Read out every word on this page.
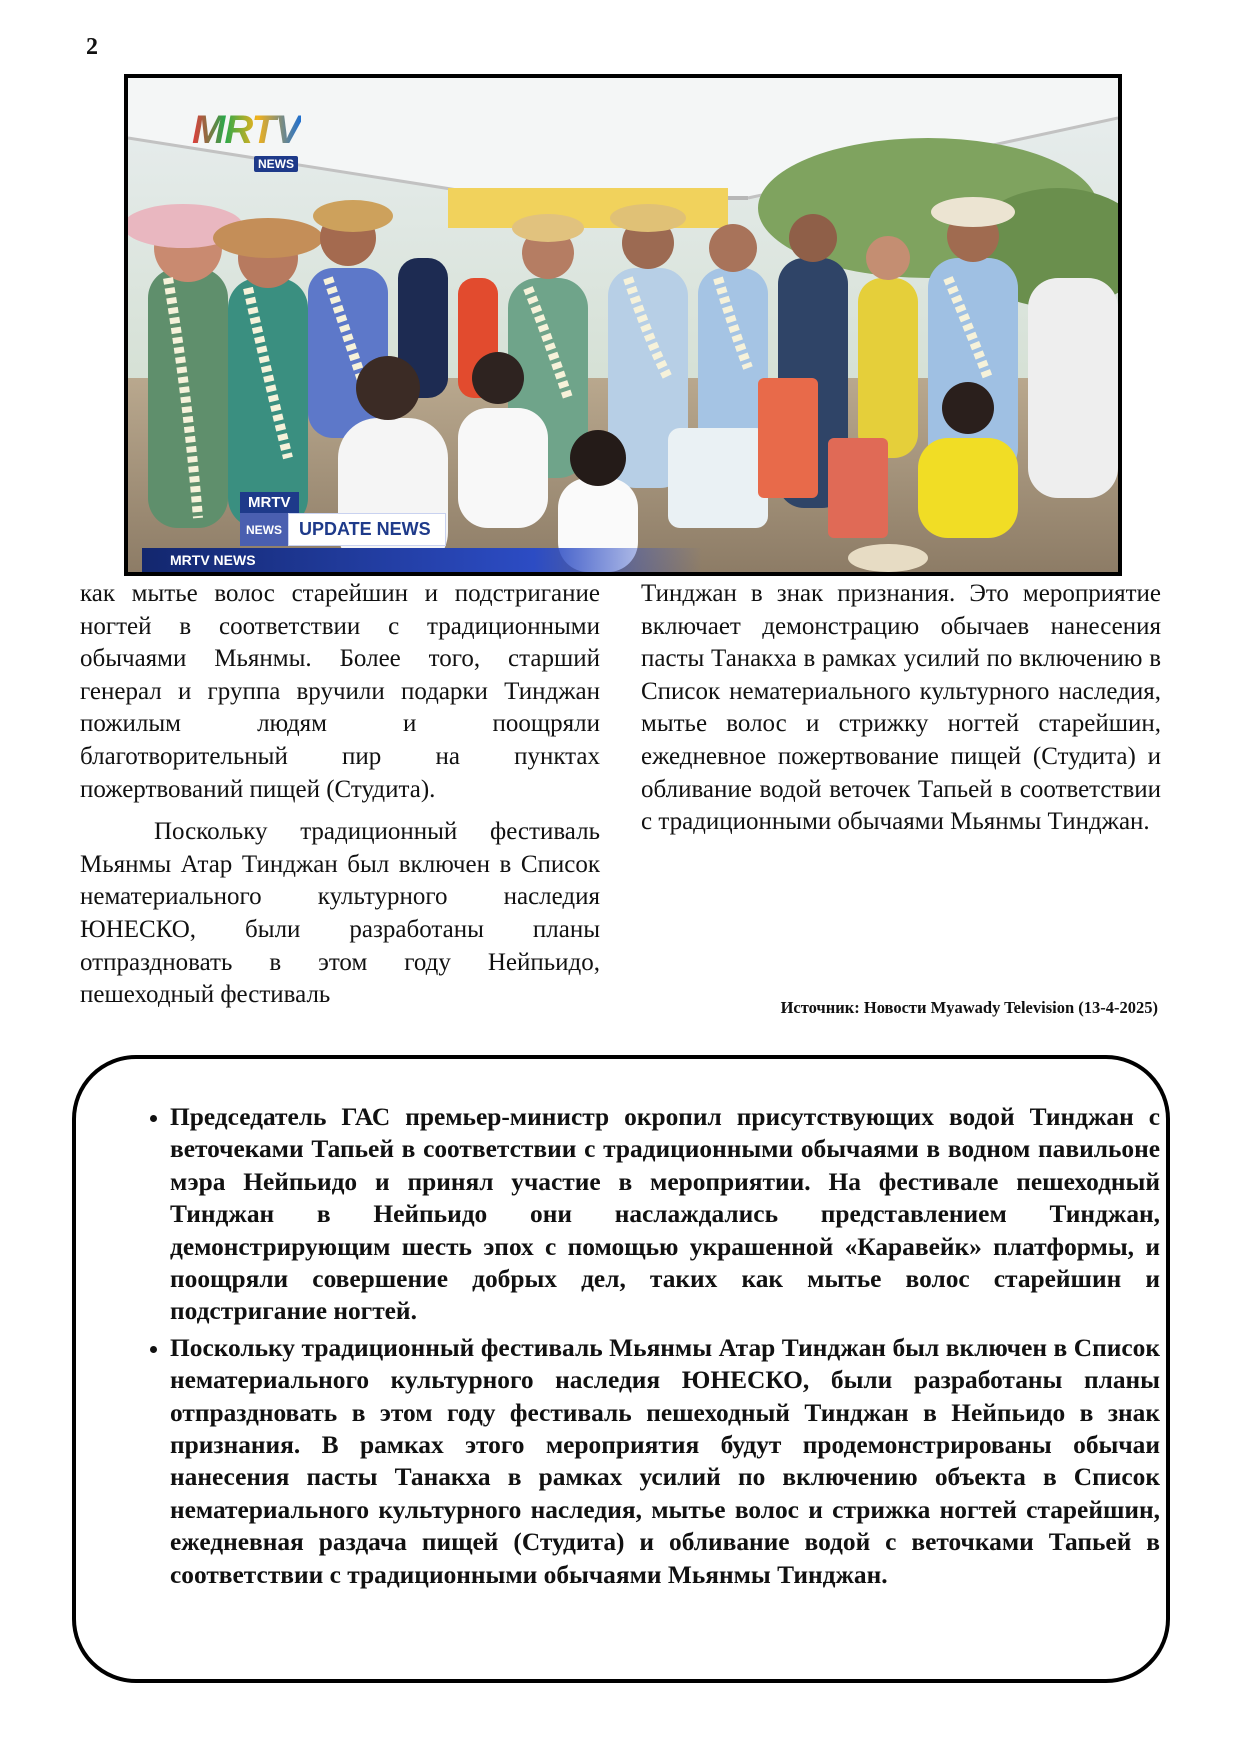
2
MRTV
NEWS
MRTV
NEWS UPDATE NEWS
MRTV NEWS

как мытье волос старейшин и подстригание ногтей в соответствии с традиционными обычаями Мьянмы. Более того, старший генерал и группа вручили подарки Тинджан пожилым людям и поощряли благотворительный пир на пунктах пожертвований пищей (Студита).

Поскольку традиционный фестиваль Мьянмы Атар Тинджан был включен в Список нематериального культурного наследия ЮНЕСКО, были разработаны планы отпраздновать в этом году Нейпьидо, пешеходный фестиваль

Тинджан в знак признания. Это мероприятие включает демонстрацию обычаев нанесения пасты Танакха в рамках усилий по включению в Список нематериального культурного наследия, мытье волос и стрижку ногтей старейшин, ежедневное пожертвование пищей (Студита) и обливание водой веточек Тапьей в соответствии с традиционными обычаями Мьянмы Тинджан.

Источник: Новости Myawady Television (13-4-2025)
• Председатель ГАС премьер-министр окропил присутствующих водой Тинджан с веточеками Тапьей в соответствии с традиционными обычаями в водном павильоне мэра Нейпьидо и принял участие в мероприятии. На фестивале пешеходный Тинджан в Нейпьидо они наслаждались представлением Тинджан, демонстрирующим шесть эпох с помощью украшенной «Каравейк» платформы, и поощряли совершение добрых дел, таких как мытье волос старейшин и подстригание ногтей.
• Поскольку традиционный фестиваль Мьянмы Атар Тинджан был включен в Список нематериального культурного наследия ЮНЕСКО, были разработаны планы отпраздновать в этом году фестиваль пешеходный Тинджан в Нейпьидо в знак признания. В рамках этого мероприятия будут продемонстрированы обычаи нанесения пасты Танакха в рамках усилий по включению объекта в Список нематериального культурного наследия, мытье волос и стрижка ногтей старейшин, ежедневная раздача пищей (Студита) и обливание водой с веточками Тапьей в соответствии с традиционными обычаями Мьянмы Тинджан.
